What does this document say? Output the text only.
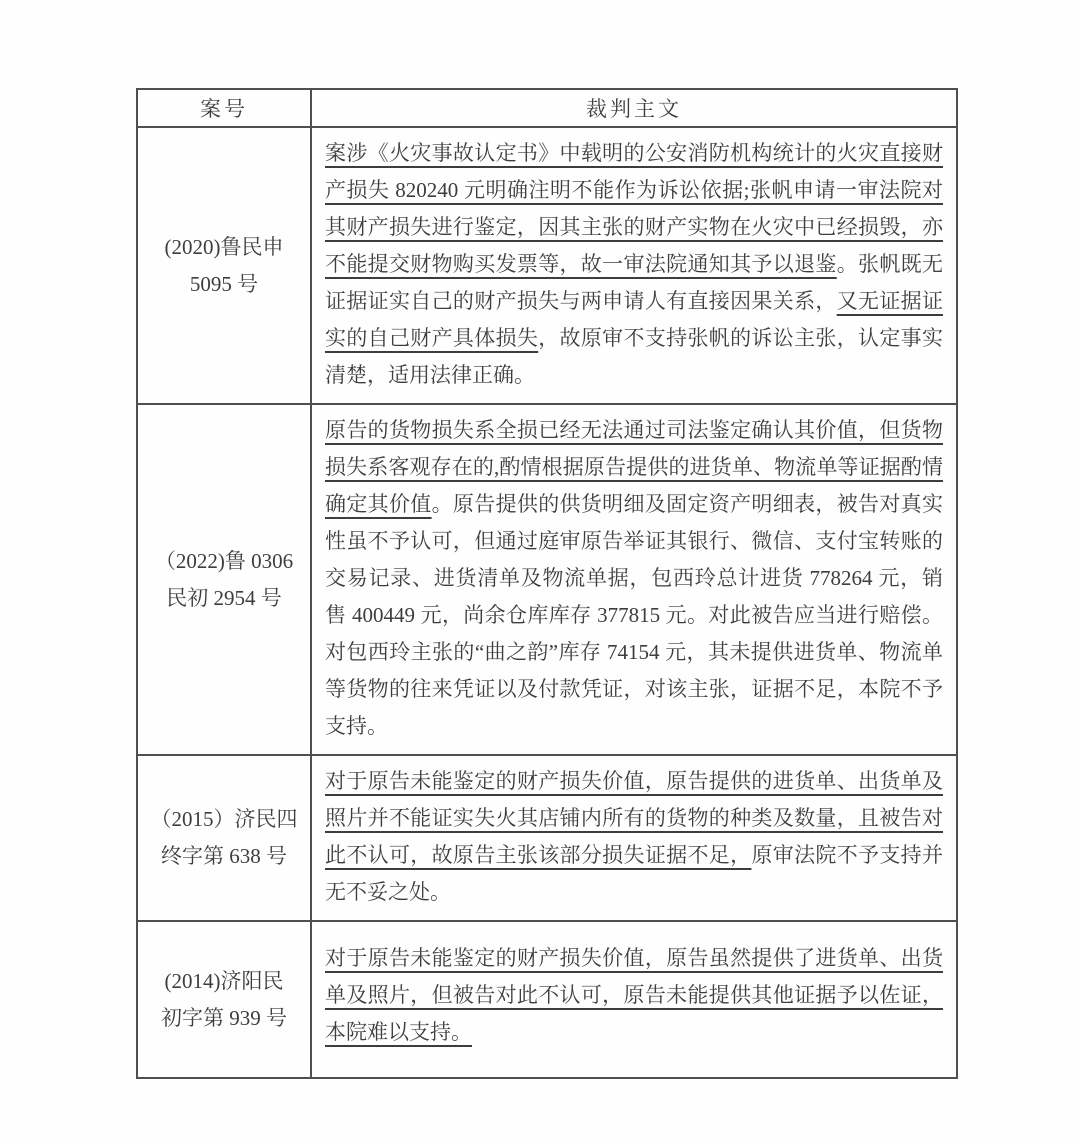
案号	裁判主文
(2020)鲁民申
5095 号	案涉《火灾事故认定书》中载明的公安消防机构统计的火灾直接财产损失 820240 元明确注明不能作为诉讼依据;张帆申请一审法院对其财产损失进行鉴定，因其主张的财产实物在火灾中已经损毁，亦不能提交财物购买发票等，故一审法院通知其予以退鉴。张帆既无证据证实自己的财产损失与两申请人有直接因果关系，又无证据证实的自己财产具体损失，故原审不支持张帆的诉讼主张，认定事实清楚，适用法律正确。
（2022)鲁 0306
民初 2954 号	原告的货物损失系全损已经无法通过司法鉴定确认其价值，但货物损失系客观存在的,酌情根据原告提供的进货单、物流单等证据酌情确定其价值。原告提供的供货明细及固定资产明细表，被告对真实性虽不予认可，但通过庭审原告举证其银行、微信、支付宝转账的交易记录、进货清单及物流单据，包西玲总计进货 778264 元，销售 400449 元，尚余仓库库存 377815 元。对此被告应当进行赔偿。对包西玲主张的“曲之韵”库存 74154 元，其未提供进货单、物流单等货物的往来凭证以及付款凭证，对该主张，证据不足，本院不予支持。
（2015）济民四
终字第 638 号	对于原告未能鉴定的财产损失价值，原告提供的进货单、出货单及照片并不能证实失火其店铺内所有的货物的种类及数量，且被告对此不认可，故原告主张该部分损失证据不足，原审法院不予支持并无不妥之处。
(2014)济阳民
初字第 939 号	对于原告未能鉴定的财产损失价值，原告虽然提供了进货单、出货单及照片，但被告对此不认可，原告未能提供其他证据予以佐证，本院难以支持。
